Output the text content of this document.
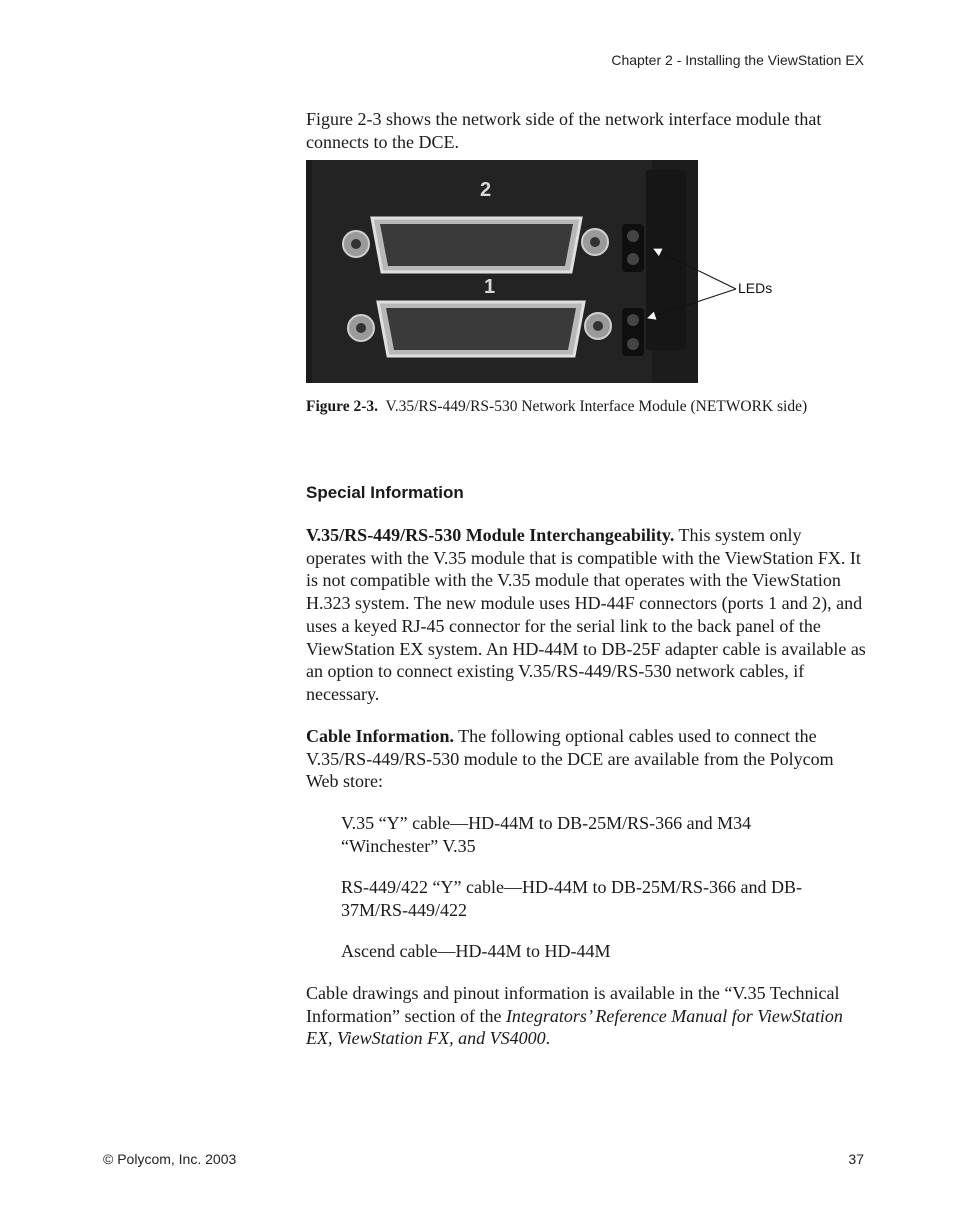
Chapter 2 - Installing the ViewStation EX

Figure 2-3 shows the network side of the network interface module that connects to the DCE.

2
1	LEDs

Figure 2-3. V.35/RS-449/RS-530 Network Interface Module (NETWORK side)

Special Information

V.35/RS-449/RS-530 Module Interchangeability. This system only operates with the V.35 module that is compatible with the ViewStation FX. It is not compatible with the V.35 module that operates with the ViewStation H.323 system. The new module uses HD-44F connectors (ports 1 and 2), and uses a keyed RJ-45 connector for the serial link to the back panel of the ViewStation EX system. An HD-44M to DB-25F adapter cable is available as an option to connect existing V.35/RS-449/RS-530 network cables, if necessary.

Cable Information. The following optional cables used to connect the V.35/RS-449/RS-530 module to the DCE are available from the Polycom Web store:

V.35 “Y” cable—HD-44M to DB-25M/RS-366 and M34 “Winchester” V.35

RS-449/422 “Y” cable—HD-44M to DB-25M/RS-366 and DB-37M/RS-449/422

Ascend cable—HD-44M to HD-44M

Cable drawings and pinout information is available in the “V.35 Technical Information” section of the Integrators’ Reference Manual for ViewStation EX, ViewStation FX, and VS4000.

© Polycom, Inc. 2003	37
